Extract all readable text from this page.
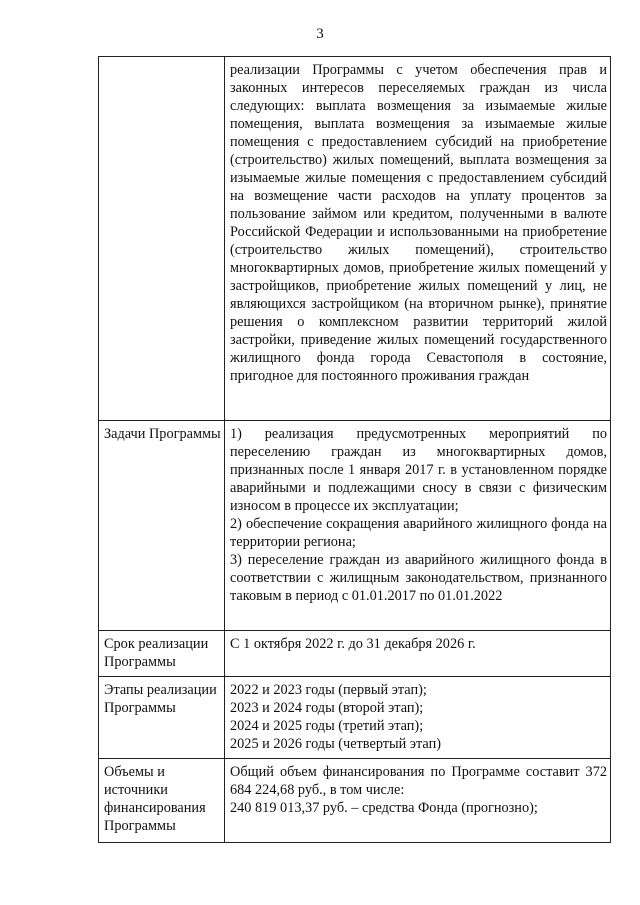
3
	реализации Программы с учетом обеспечения прав и законных интересов переселяемых граждан из числа следующих: выплата возмещения за изымаемые жилые помещения, выплата возмещения за изымаемые жилые помещения с предоставлением субсидий на приобретение (строительство) жилых помещений, выплата возмещения за изымаемые жилые помещения с предоставлением субсидий на возмещение части расходов на уплату процентов за пользование займом или кредитом, полученными в валюте Российской Федерации и использованными на приобретение (строительство жилых помещений), строительство многоквартирных домов, приобретение жилых помещений у застройщиков, приобретение жилых помещений у лиц, не являющихся застройщиком (на вторичном рынке), принятие решения о комплексном развитии территорий жилой застройки, приведение жилых помещений государственного жилищного фонда города Севастополя в состояние, пригодное для постоянного проживания граждан
Задачи Программы	1) реализация предусмотренных мероприятий по переселению граждан из многоквартирных домов, признанных после 1 января 2017 г. в установленном порядке аварийными и подлежащими сносу в связи с физическим износом в процессе их эксплуатации;
2) обеспечение сокращения аварийного жилищного фонда на территории региона;
3) переселение граждан из аварийного жилищного фонда в соответствии с жилищным законодательством, признанного таковым в период с 01.01.2017 по 01.01.2022

Срок реализации Программы	С 1 октября 2022 г. до 31 декабря 2026 г.
Этапы реализации Программы	2022 и 2023 годы (первый этап);
2023 и 2024 годы (второй этап);
2024 и 2025 годы (третий этап);
2025 и 2026 годы (четвертый этап)

Объемы и источники финансирования Программы	Общий объем финансирования по Программе составит 372 684 224,68 руб., в том числе:
240 819 013,37 руб. – средства Фонда (прогнозно);
